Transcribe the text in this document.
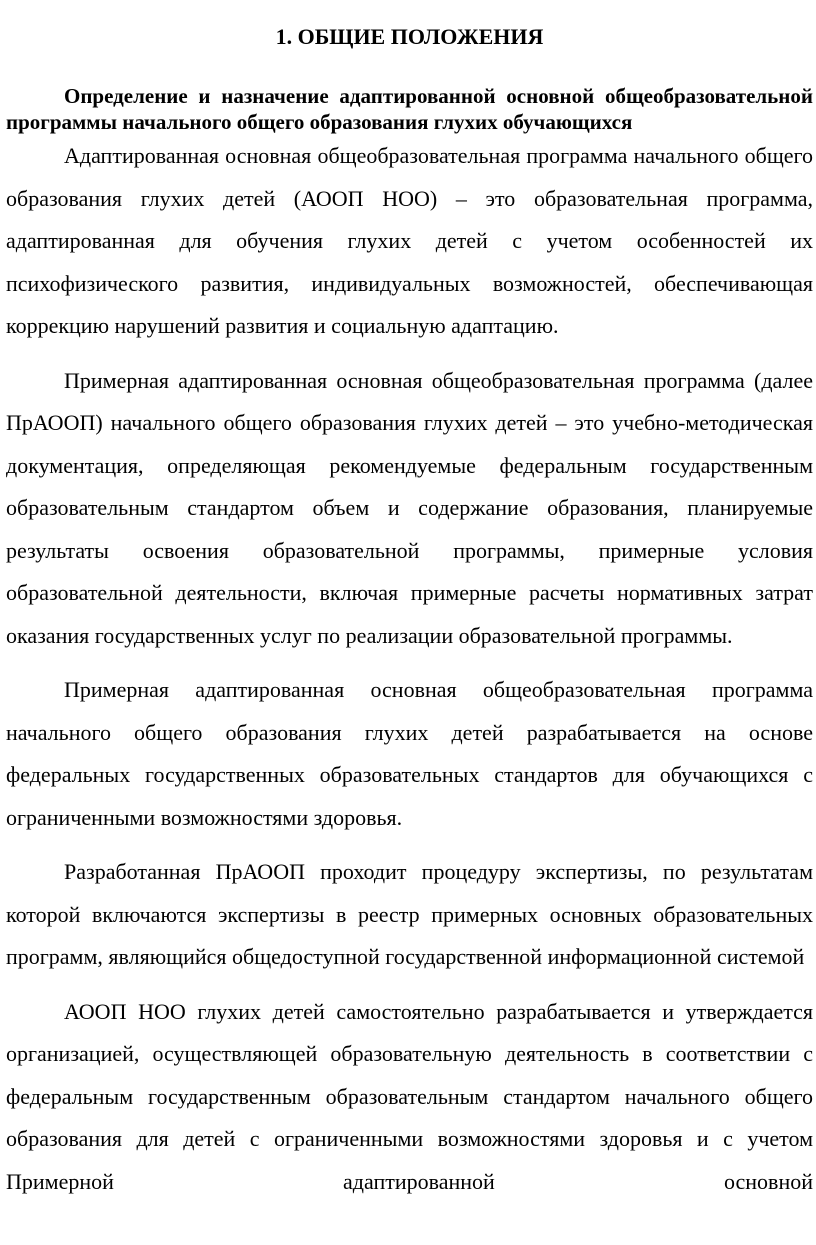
1. ОБЩИЕ ПОЛОЖЕНИЯ
Определение и назначение адаптированной основной общеобразовательной программы начального общего образования глухих обучающихся

Адаптированная основная общеобразовательная программа начального общего образования глухих детей (АООП НОО) – это образовательная программа, адаптированная для обучения глухих детей с учетом особенностей их психофизического развития, индивидуальных возможностей, обеспечивающая коррекцию нарушений развития и социальную адаптацию.

Примерная адаптированная основная общеобразовательная программа (далее ПрАООП) начального общего образования глухих детей – это учебно-методическая документация, определяющая рекомендуемые федеральным государственным образовательным стандартом объем и содержание образования, планируемые результаты освоения образовательной программы, примерные условия образовательной деятельности, включая примерные расчеты нормативных затрат оказания государственных услуг по реализации образовательной программы.

Примерная адаптированная основная общеобразовательная программа начального общего образования глухих детей разрабатывается на основе федеральных государственных образовательных стандартов для обучающихся с ограниченными возможностями здоровья.

Разработанная ПрАООП проходит процедуру экспертизы, по результатам которой включаются экспертизы в реестр примерных основных образовательных программ, являющийся общедоступной государственной информационной системой

АООП НОО глухих детей самостоятельно разрабатывается и утверждается организацией, осуществляющей образовательную деятельность в соответствии с федеральным государственным образовательным стандартом начального общего образования для детей с ограниченными возможностями здоровья и с учетом Примерной адаптированной основной
